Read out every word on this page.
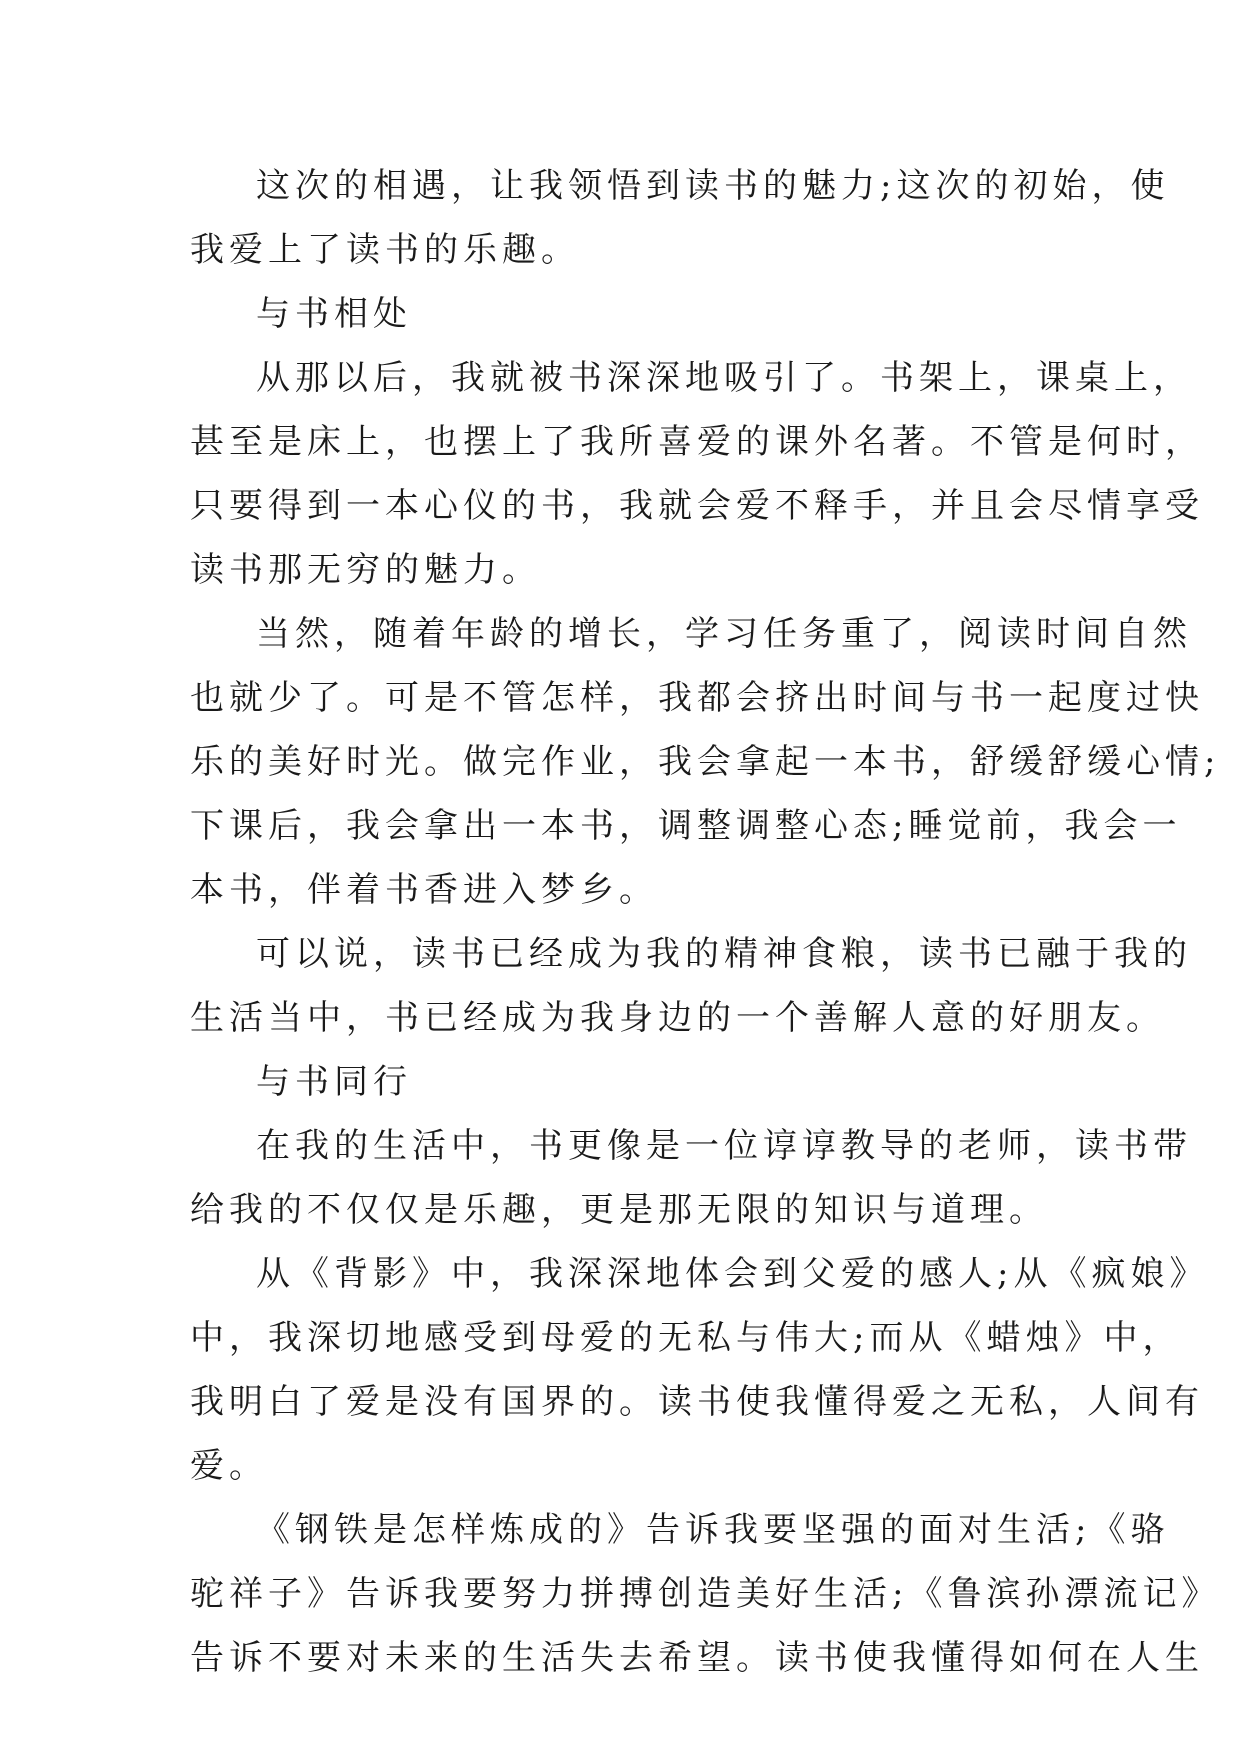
这次的相遇，让我领悟到读书的魅力;这次的初始，使
我爱上了读书的乐趣。
与书相处
从那以后，我就被书深深地吸引了。书架上，课桌上，
甚至是床上，也摆上了我所喜爱的课外名著。不管是何时，
只要得到一本心仪的书，我就会爱不释手，并且会尽情享受
读书那无穷的魅力。
当然，随着年龄的增长，学习任务重了，阅读时间自然
也就少了。可是不管怎样，我都会挤出时间与书一起度过快
乐的美好时光。做完作业，我会拿起一本书，舒缓舒缓心情;
下课后，我会拿出一本书，调整调整心态;睡觉前，我会一
本书，伴着书香进入梦乡。
可以说，读书已经成为我的精神食粮，读书已融于我的
生活当中，书已经成为我身边的一个善解人意的好朋友。
与书同行
在我的生活中，书更像是一位谆谆教导的老师，读书带
给我的不仅仅是乐趣，更是那无限的知识与道理。
从《背影》中，我深深地体会到父爱的感人;从《疯娘》
中，我深切地感受到母爱的无私与伟大;而从《蜡烛》中，
我明白了爱是没有国界的。读书使我懂得爱之无私，人间有
爱。
《钢铁是怎样炼成的》告诉我要坚强的面对生活;《骆
驼祥子》告诉我要努力拼搏创造美好生活;《鲁滨孙漂流记》
告诉不要对未来的生活失去希望。读书使我懂得如何在人生
